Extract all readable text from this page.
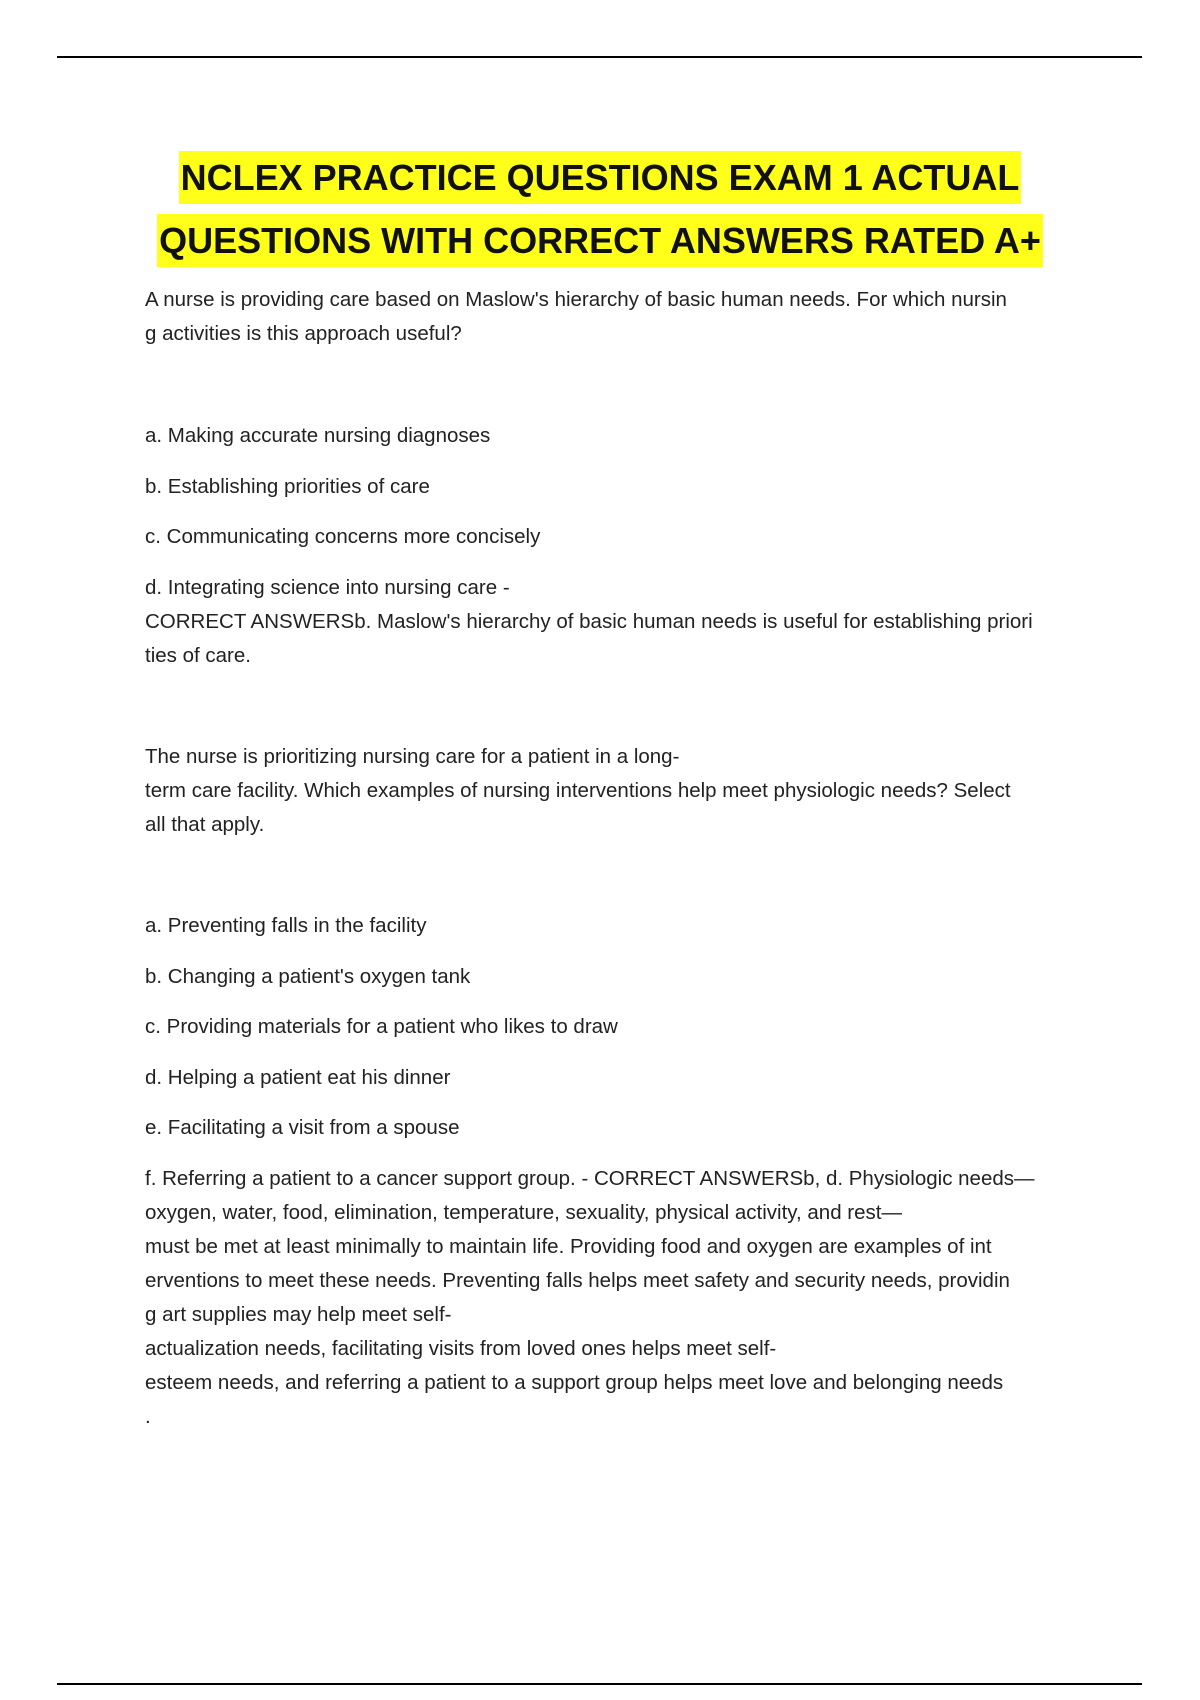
NCLEX PRACTICE QUESTIONS EXAM 1 ACTUAL
QUESTIONS WITH CORRECT ANSWERS RATED A+
A nurse is providing care based on Maslow's hierarchy of basic human needs. For which nursin
g activities is this approach useful?
a. Making accurate nursing diagnoses
b. Establishing priorities of care
c. Communicating concerns more concisely
d. Integrating science into nursing care -
CORRECT ANSWERSb. Maslow's hierarchy of basic human needs is useful for establishing priori
ties of care.
The nurse is prioritizing nursing care for a patient in a long-
term care facility. Which examples of nursing interventions help meet physiologic needs? Select
all that apply.
a. Preventing falls in the facility
b. Changing a patient's oxygen tank
c. Providing materials for a patient who likes to draw
d. Helping a patient eat his dinner
e. Facilitating a visit from a spouse
f. Referring a patient to a cancer support group. - CORRECT ANSWERSb, d. Physiologic needs—
oxygen, water, food, elimination, temperature, sexuality, physical activity, and rest—
must be met at least minimally to maintain life. Providing food and oxygen are examples of int
erventions to meet these needs. Preventing falls helps meet safety and security needs, providin
g art supplies may help meet self-
actualization needs, facilitating visits from loved ones helps meet self-
esteem needs, and referring a patient to a support group helps meet love and belonging needs
.
